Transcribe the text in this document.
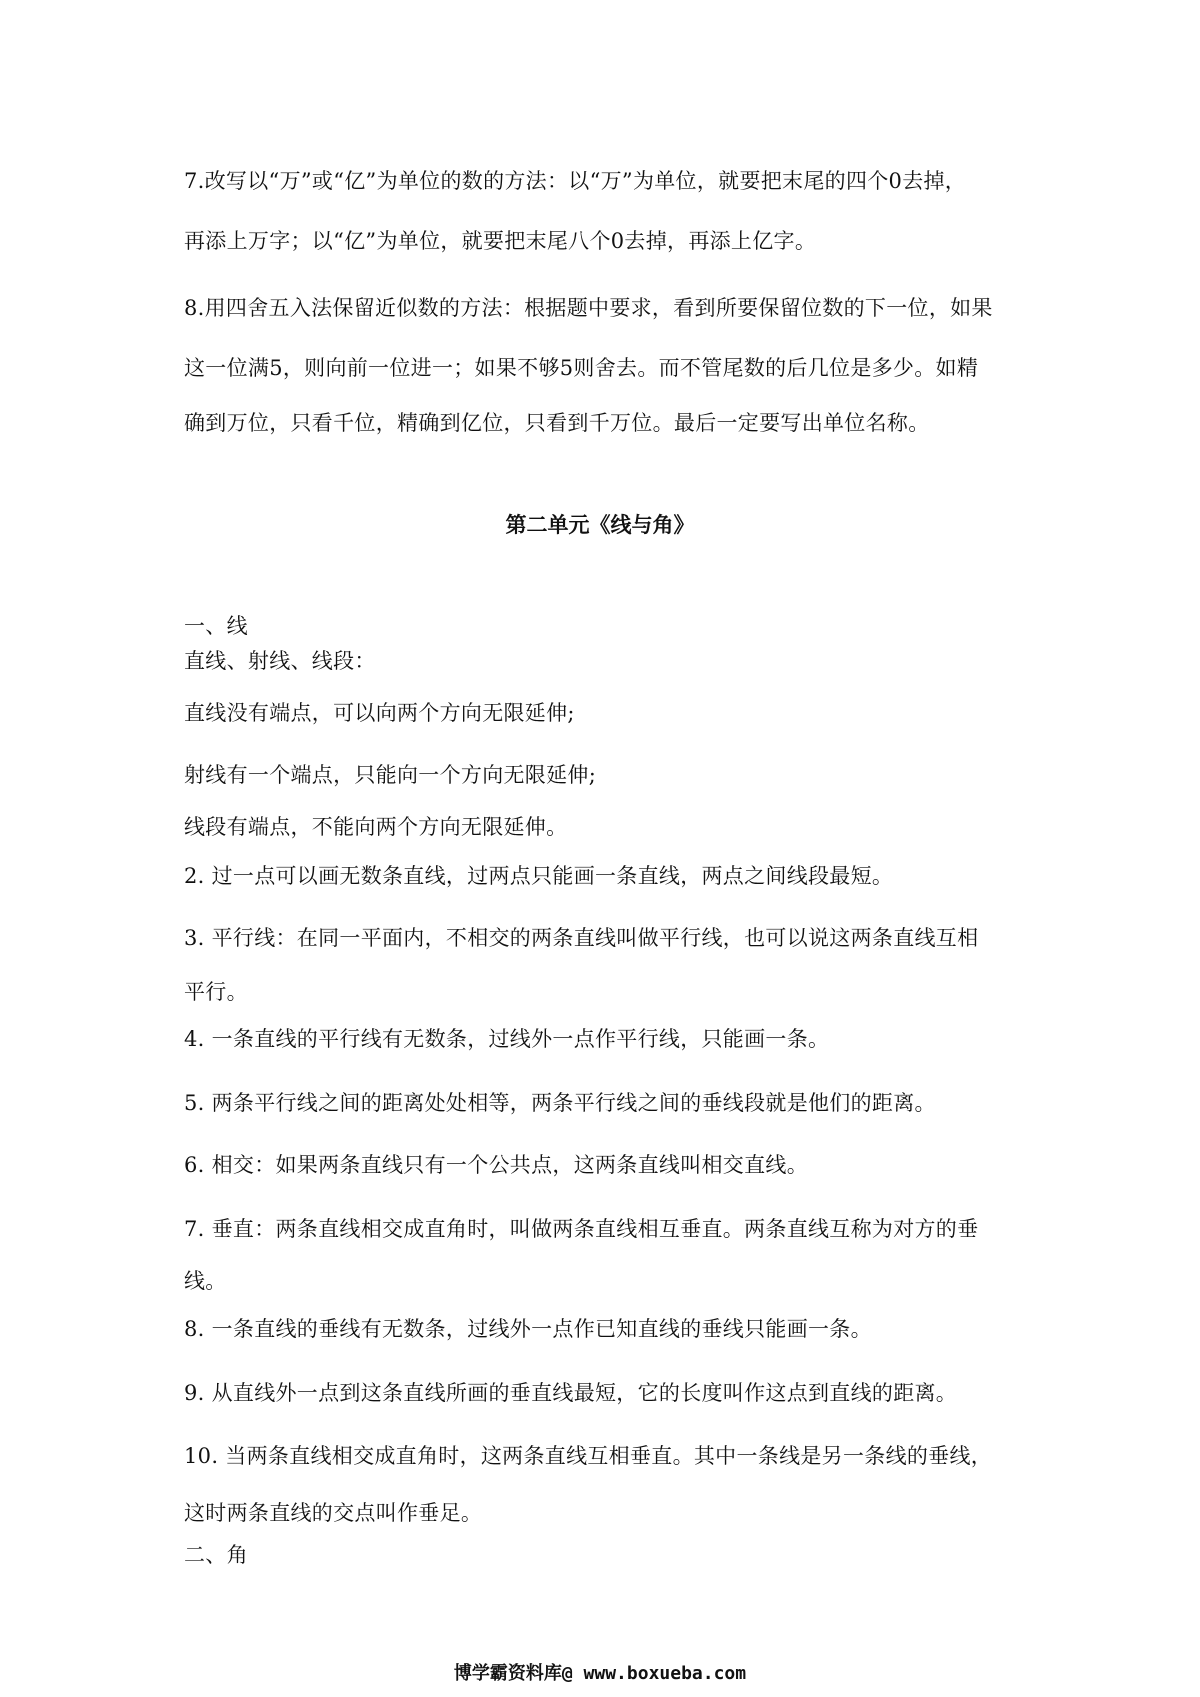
7.改写以“万”或“亿”为单位的数的方法：以“万”为单位，就要把末尾的四个0去掉，
再添上万字；以“亿”为单位，就要把末尾八个0去掉，再添上亿字。
8.用四舍五入法保留近似数的方法：根据题中要求，看到所要保留位数的下一位，如果
这一位满5，则向前一位进一；如果不够5则舍去。而不管尾数的后几位是多少。如精
确到万位，只看千位，精确到亿位，只看到千万位。最后一定要写出单位名称。
第二单元《线与角》
一、线
直线、射线、线段：
直线没有端点，可以向两个方向无限延伸;
射线有一个端点，只能向一个方向无限延伸;
线段有端点，不能向两个方向无限延伸。
2. 过一点可以画无数条直线，过两点只能画一条直线，两点之间线段最短。
3. 平行线：在同一平面内，不相交的两条直线叫做平行线，也可以说这两条直线互相
平行。
4. 一条直线的平行线有无数条，过线外一点作平行线，只能画一条。
5. 两条平行线之间的距离处处相等，两条平行线之间的垂线段就是他们的距离。
6. 相交：如果两条直线只有一个公共点，这两条直线叫相交直线。
7. 垂直：两条直线相交成直角时，叫做两条直线相互垂直。两条直线互称为对方的垂
线。
8. 一条直线的垂线有无数条，过线外一点作已知直线的垂线只能画一条。
9. 从直线外一点到这条直线所画的垂直线最短，它的长度叫作这点到直线的距离。
10. 当两条直线相交成直角时，这两条直线互相垂直。其中一条线是另一条线的垂线，
这时两条直线的交点叫作垂足。
二、角
博学霸资料库@ www.boxueba.com
